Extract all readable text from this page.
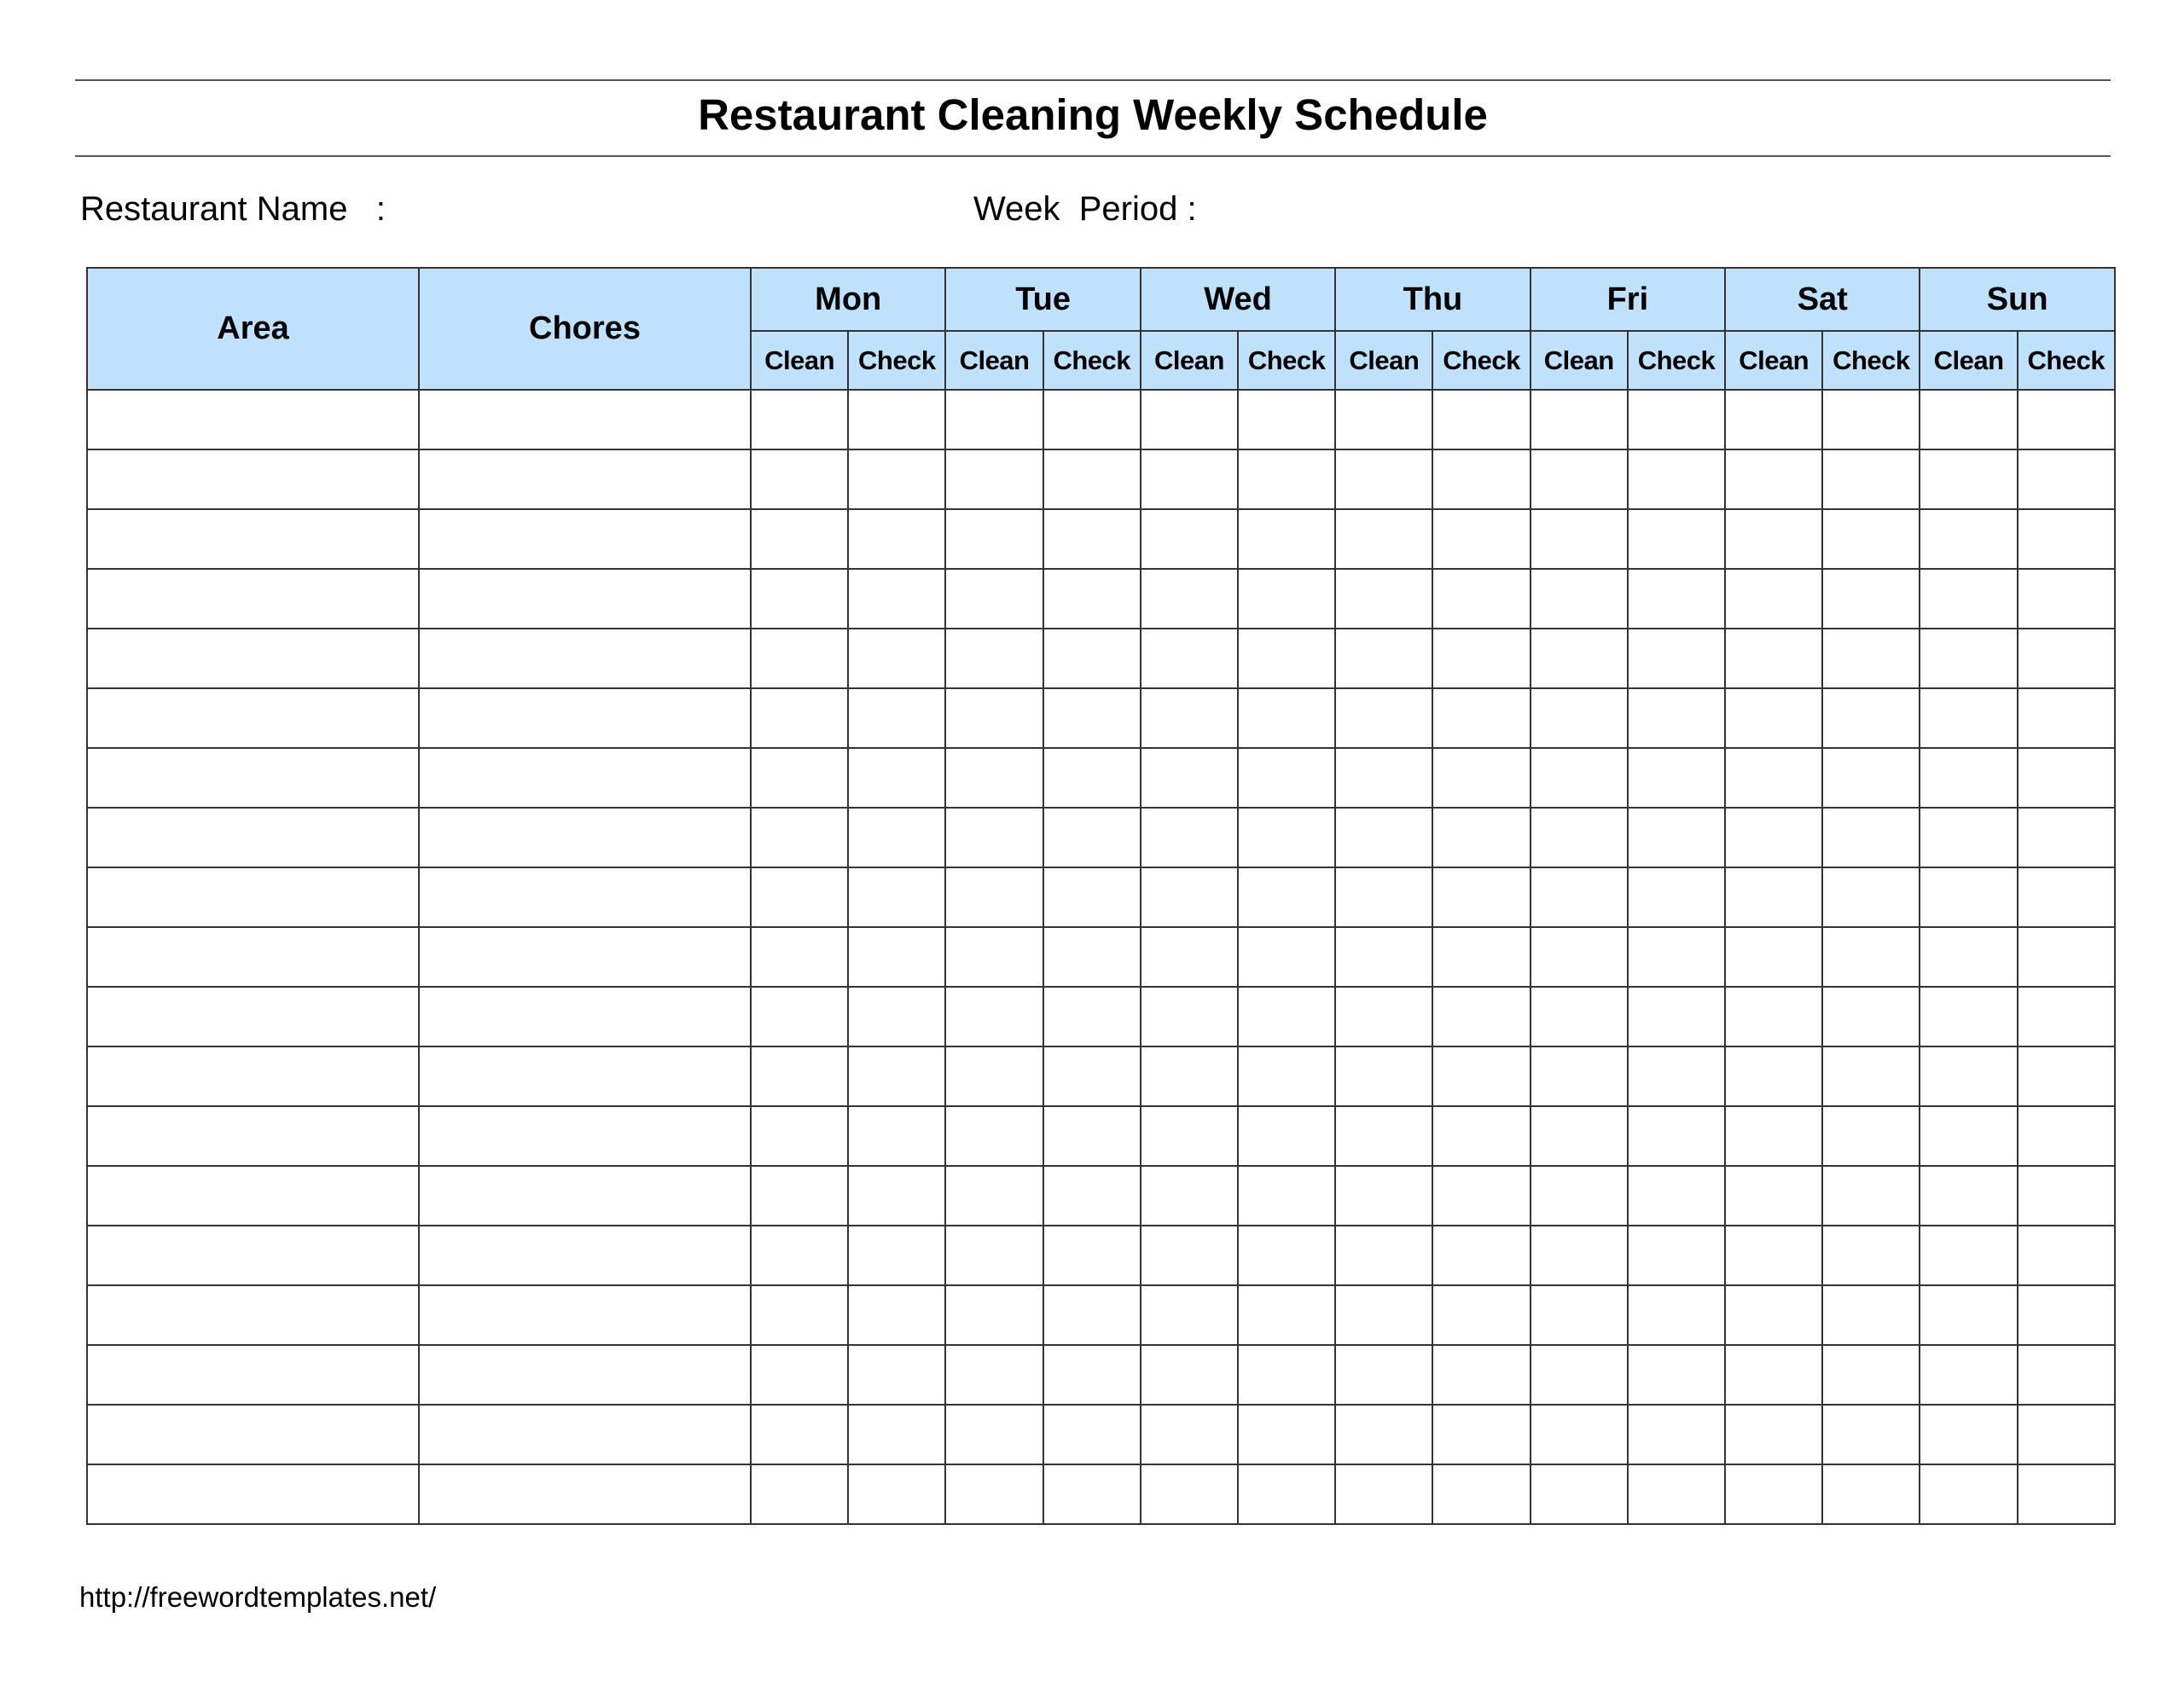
Restaurant Cleaning Weekly Schedule
Restaurant Name   :	Week  Period :
Area	Chores	Mon		Tue		Wed		Thu		Fri		Sat		Sun	
		Clean	Check	Clean	Check	Clean	Check	Clean	Check	Clean	Check	Clean	Check	Clean	Check

http://freewordtemplates.net/
